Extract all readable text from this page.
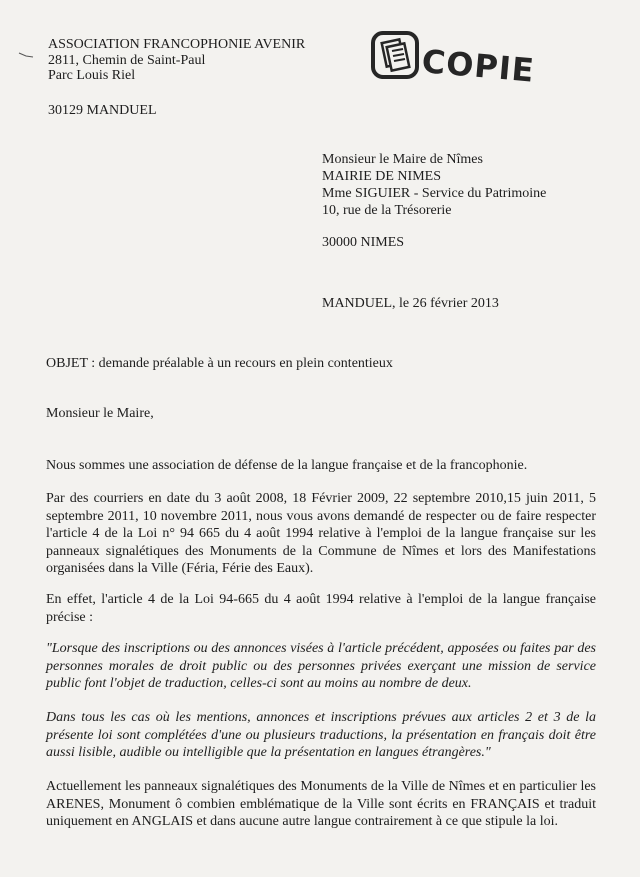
ASSOCIATION FRANCOPHONIE AVENIR
2811, Chemin de Saint-Paul
Parc Louis Riel
30129 MANDUEL
COPIE
Monsieur le Maire de Nîmes
MAIRIE DE NIMES
Mme SIGUIER - Service du Patrimoine
10, rue de la Trésorerie
30000 NIMES
MANDUEL, le 26 février 2013
OBJET : demande préalable à un recours en plein contentieux
Monsieur le Maire,
Nous sommes une association de défense de la langue française et de la francophonie.
Par des courriers en date du 3 août 2008, 18 Février 2009, 22 septembre 2010,15 juin 2011, 5 septembre 2011, 10 novembre 2011, nous vous avons demandé de respecter ou de faire respecter l'article 4 de la Loi n° 94 665 du 4 août 1994 relative à l'emploi de la langue française sur les panneaux signalétiques des Monuments de la Commune de Nîmes et lors des Manifestations organisées dans la Ville (Féria, Férie des Eaux).
En effet, l'article 4 de la Loi 94-665 du 4 août 1994 relative à l'emploi de la langue française précise :
"Lorsque des inscriptions ou des annonces visées à l'article précédent, apposées ou faites par des personnes morales de droit public ou des personnes privées exerçant une mission de service public font l'objet de traduction, celles-ci sont au moins au nombre de deux.
Dans tous les cas où les mentions, annonces et inscriptions prévues aux articles 2 et 3 de la présente loi sont complétées d'une ou plusieurs traductions, la présentation en français doit être aussi lisible, audible ou intelligible que la présentation en langues étrangères."
Actuellement les panneaux signalétiques des Monuments de la Ville de Nîmes et en particulier les ARENES, Monument ô combien emblématique de la Ville sont écrits en FRANÇAIS et traduit uniquement en ANGLAIS et dans aucune autre langue contrairement à ce que stipule la loi.
